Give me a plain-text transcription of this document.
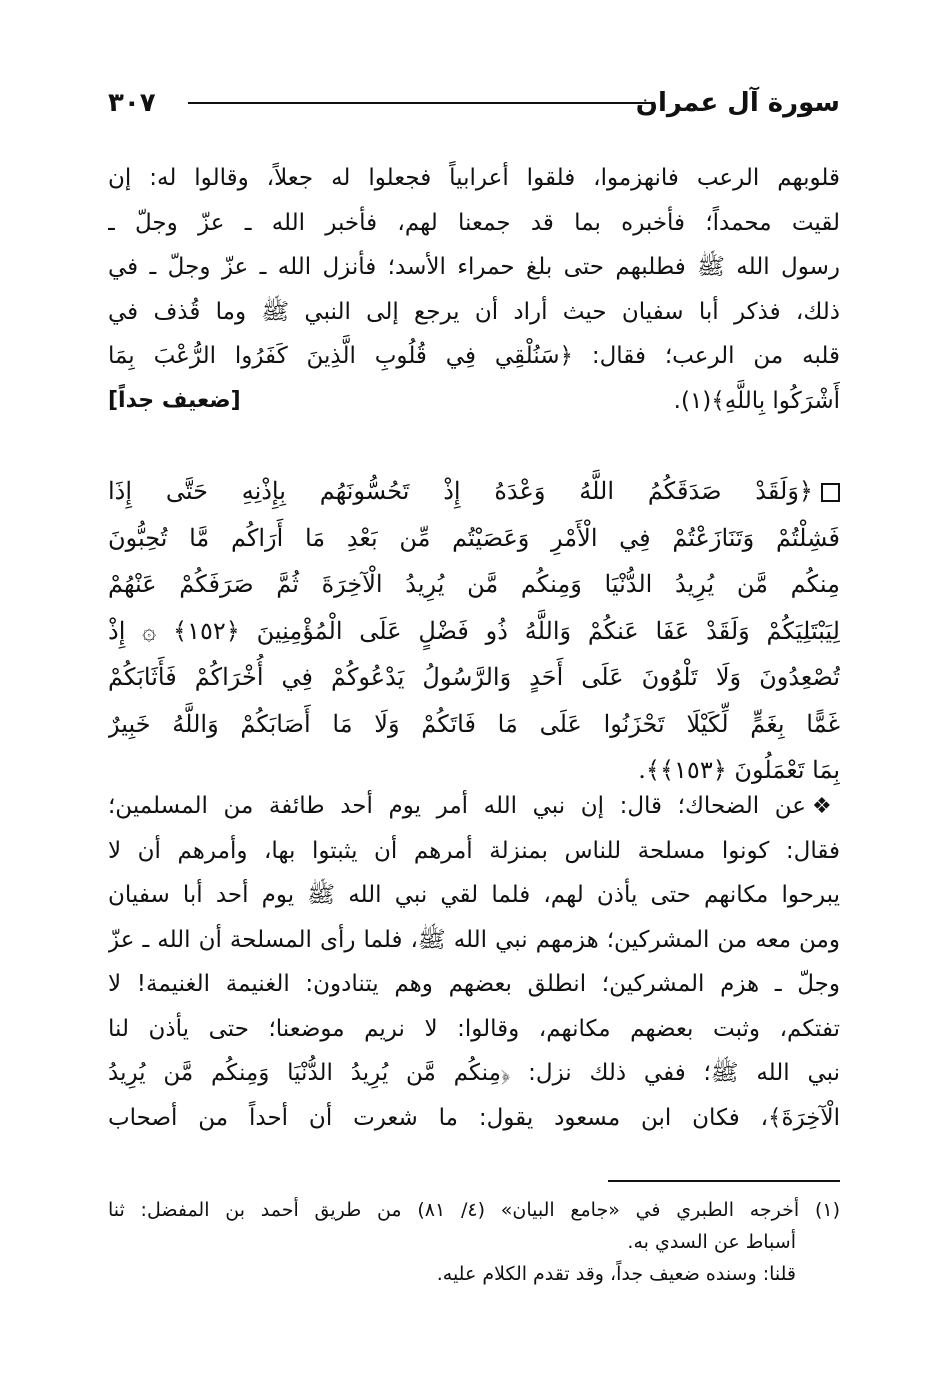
سورة آل عمران
٣٠٧
قلوبهم الرعب فانهزموا، فلقوا أعرابياً فجعلوا له جعلاً، وقالوا له: إن
لقيت محمداً؛ فأخبره بما قد جمعنا لهم، فأخبر الله ـ عزّ وجلّ ـ
رسول الله ﷺ فطلبهم حتى بلغ حمراء الأسد؛ فأنزل الله ـ عزّ وجلّ ـ في
ذلك، فذكر أبا سفيان حيث أراد أن يرجع إلى النبي ﷺ وما قُذف في
قلبه من الرعب؛ فقال: ﴿سَنُلْقِي فِي قُلُوبِ الَّذِينَ كَفَرُوا الرُّعْبَ بِمَا
أَشْرَكُوا بِاللَّهِ﴾(١).
[ضعيف جداً]
﴿وَلَقَدْ صَدَقَكُمُ اللَّهُ وَعْدَهُ إِذْ تَحُسُّونَهُم بِإِذْنِهِ حَتَّى إِذَا
فَشِلْتُمْ وَتَنَازَعْتُمْ فِي الْأَمْرِ وَعَصَيْتُم مِّن بَعْدِ مَا أَرَاكُم مَّا تُحِبُّونَ
مِنكُم مَّن يُرِيدُ الدُّنْيَا وَمِنكُم مَّن يُرِيدُ الْآخِرَةَ ثُمَّ صَرَفَكُمْ عَنْهُمْ
لِيَبْتَلِيَكُمْ وَلَقَدْ عَفَا عَنكُمْ وَاللَّهُ ذُو فَضْلٍ عَلَى الْمُؤْمِنِينَ ﴿١٥٢﴾ ۞ إِذْ
تُصْعِدُونَ وَلَا تَلْوُونَ عَلَى أَحَدٍ وَالرَّسُولُ يَدْعُوكُمْ فِي أُخْرَاكُمْ فَأَثَابَكُمْ
غَمًّا بِغَمٍّ لِّكَيْلَا تَحْزَنُوا عَلَى مَا فَاتَكُمْ وَلَا مَا أَصَابَكُمْ وَاللَّهُ خَبِيرٌ
بِمَا تَعْمَلُونَ ﴿١٥٣﴾﴾.
❖عن الضحاك؛ قال: إن نبي الله أمر يوم أحد طائفة من المسلمين؛
فقال: كونوا مسلحة للناس بمنزلة أمرهم أن يثبتوا بها، وأمرهم أن لا
يبرحوا مكانهم حتى يأذن لهم، فلما لقي نبي الله ﷺ يوم أحد أبا سفيان
ومن معه من المشركين؛ هزمهم نبي الله ﷺ، فلما رأى المسلحة أن الله ـ عزّ
وجلّ ـ هزم المشركين؛ انطلق بعضهم وهم يتنادون: الغنيمة الغنيمة! لا
تفتكم، وثبت بعضهم مكانهم، وقالوا: لا نريم موضعنا؛ حتى يأذن لنا
نبي الله ﷺ؛ ففي ذلك نزل: ﴿مِنكُم مَّن يُرِيدُ الدُّنْيَا وَمِنكُم مَّن يُرِيدُ
الْآخِرَةَ﴾، فكان ابن مسعود يقول: ما شعرت أن أحداً من أصحاب
(١) أخرجه الطبري في «جامع البيان» (٤/ ٨١) من طريق أحمد بن المفضل: ثنا
أسباط عن السدي به.
قلنا: وسنده ضعيف جداً، وقد تقدم الكلام عليه.
